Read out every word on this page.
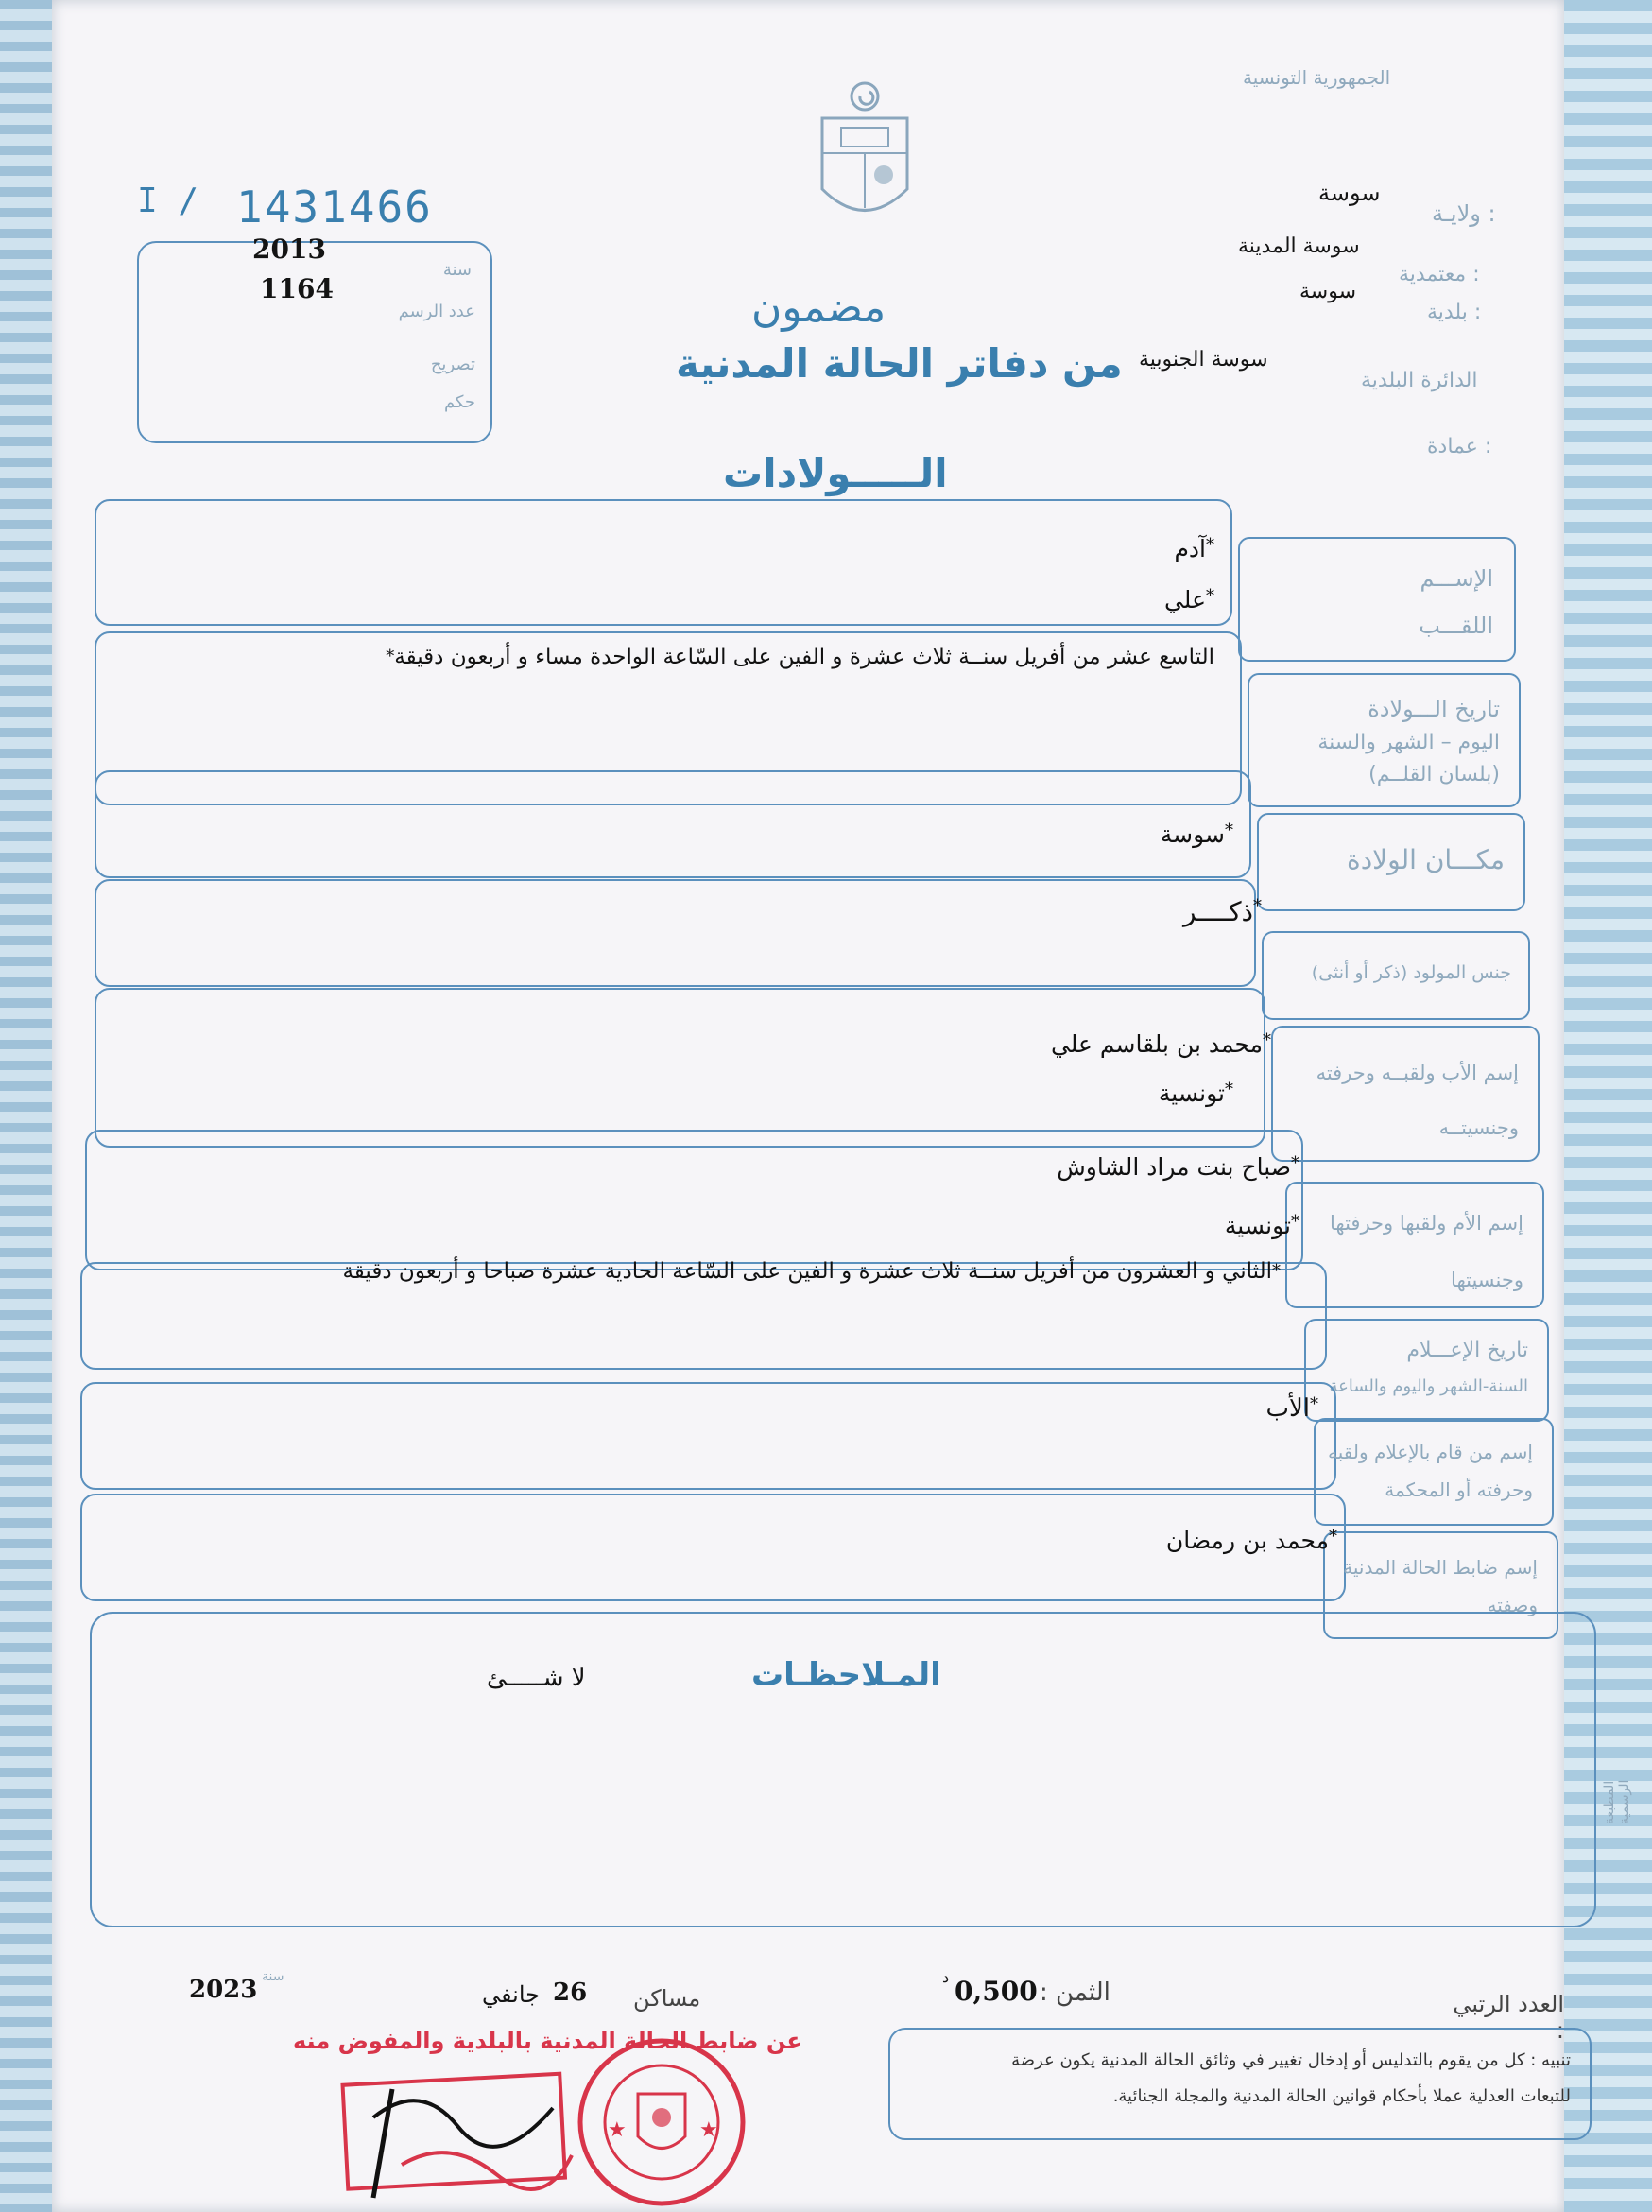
الجمهورية التونسية
I / 1431466
2013
سنة
1164
عدد الرسم
تصريح
حكم
مضمون
من دفاتر الحالة المدنية
الـــــولادات
ولايـة :
سوسة
معتمدية :
سوسة المدينة
بلدية :
سوسة
الدائرة البلدية
سوسة الجنوبية
عمادة :
الإســـم
اللقـــب
*آدم
*علي
تاريخ الـــولادة
اليوم – الشهر والسنة
(بلسان القلــم)
التاسع عشر من أفريل سنــة ثلاث عشرة و الفين على السّاعة الواحدة مساء و أربعون دقيقة*
مكـــان الولادة
*سوسة
جنس المولود (ذكر أو أنثى)
*ذكــــر
إسم الأب ولقبــه وحرفته
وجنسيتــه
*محمد بن بلقاسم علي
*تونسية
إسم الأم ولقبها وحرفتها
وجنسيتها
*صباح بنت مراد الشاوش
*تونسية
تاريخ الإعـــلام
السنة-الشهر واليوم والساعة
*الثاني و العشرون من أفريل سنــة ثلاث عشرة و الفين على السّاعة الحادية عشرة صباحا و أربعون دقيقة
إسم من قام بالإعلام ولقبه
وحرفته أو المحكمة
*الأب
إسم ضابط الحالة المدنية
وصفته
*محمد بن رمضان
المـلاحظـات
لا شـــــئ
المطبعة الرسمية
العدد الرتبي :
الثمن :
0,500
د
مساكن
26
جانفي
سنة
2023
عن ضابط الحالة المدنية بالبلدية والمفوض منه
★	★
تنبيه : كل من يقوم بالتدليس أو إدخال تغيير في وثائق الحالة المدنية يكون عرضة
للتبعات العدلية عملا بأحكام قوانين الحالة المدنية والمجلة الجنائية.
